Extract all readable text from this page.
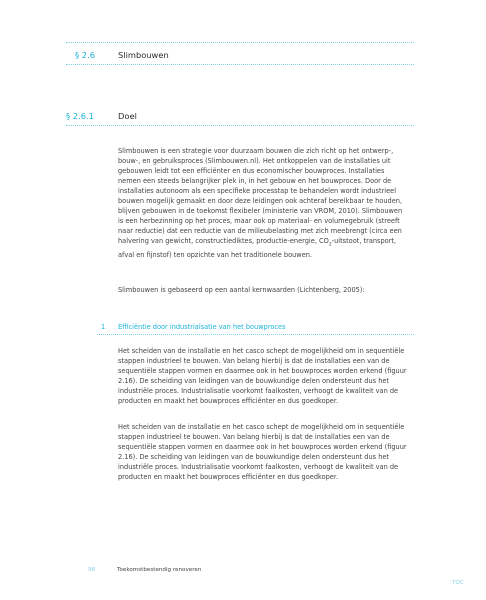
§ 2.6	Slimbouwen
§ 2.6.1	Doel
Slimbouwen is een strategie voor duurzaam bouwen die zich richt op het ontwerp-,
bouw-, en gebruiksproces (Slimbouwen.nl). Het ontkoppelen van de installaties uit
gebouwen leidt tot een efficiënter en dus economischer bouwproces. Installaties
nemen een steeds belangrijker plek in, in het gebouw en het bouwproces. Door de
installaties autonoom als een specifieke processtap te behandelen wordt industrieel
bouwen mogelijk gemaakt en door deze leidingen ook achteraf bereikbaar te houden,
blijven gebouwen in de toekomst flexibeler (ministerie van VROM, 2010). Slimbouwen
is een herbezinning op het proces, maar ook op materiaal- en volumegebruik (streeft
naar reductie) dat een reductie van de milieubelasting met zich meebrengt (circa een
halvering van gewicht, constructiediktes, productie-energie, $CO_2$-uitstoot, transport,
afval en fijnstof) ten opzichte van het traditionele bouwen.

Slimbouwen is gebaseerd op een aantal kernwaarden (Lichtenberg, 2005):

1 Efficiëntie door industrialsatie van het bouwproces
Het scheiden van de installatie en het casco schept de mogelijkheid om in sequentiële
stappen industrieel te bouwen. Van belang hierbij is dat de installaties een van de
sequentiële stappen vormen en daarmee ook in het bouwproces worden erkend (figuur
2.16). De scheiding van leidingen van de bouwkundige delen ondersteunt dus het
industriële proces. Industrialisatie voorkomt faalkosten, verhoogt de kwaliteit van de
producten en maakt het bouwproces efficiënter en dus goedkoper.
Het scheiden van de installatie en het casco schept de mogelijkheid om in sequentiële
stappen industrieel te bouwen. Van belang hierbij is dat de installaties een van de
sequentiële stappen vormen en daarmee ook in het bouwproces worden erkend (figuur
2.16). De scheiding van leidingen van de bouwkundige delen ondersteunt dus het
industriële proces. Industrialisatie voorkomt faalkosten, verhoogt de kwaliteit van de
producten en maakt het bouwproces efficiënter en dus goedkoper.
98	Toekomstbestendig renoveren
TOC
